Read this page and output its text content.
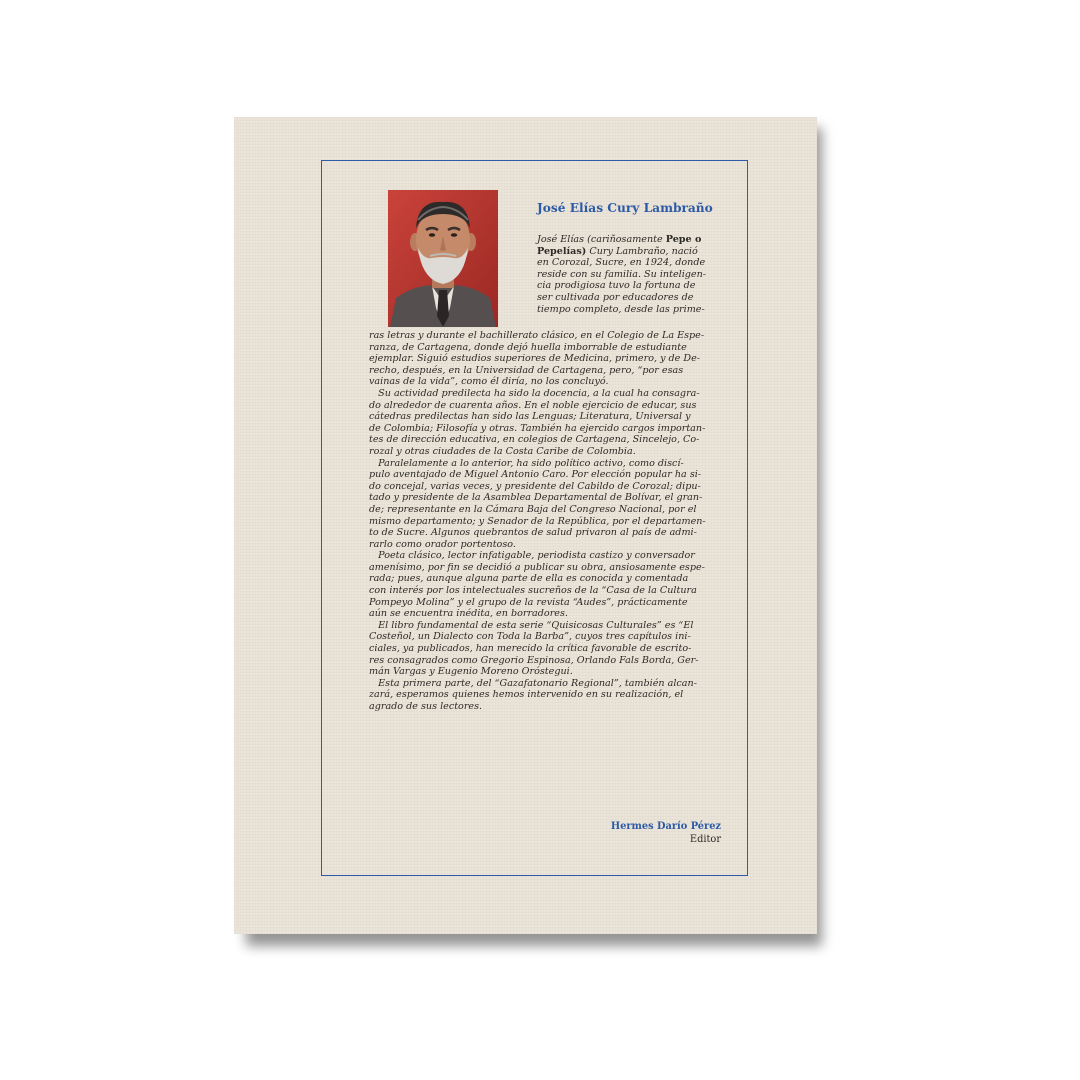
José Elías Cury Lambraño
José Elías (cariñosamente Pepe o
Pepelías) Cury Lambraño, nació
en Corozal, Sucre, en 1924, donde
reside con su familia. Su inteligen-
cia prodigiosa tuvo la fortuna de
ser cultivada por educadores de
tiempo completo, desde las prime-
ras letras y durante el bachillerato clásico, en el Colegio de La Espe-
ranza, de Cartagena, donde dejó huella imborrable de estudiante
ejemplar. Siguió estudios superiores de Medicina, primero, y de De-
recho, después, en la Universidad de Cartagena, pero, “por esas
vainas de la vida”, como él diría, no los concluyó.
Su actividad predilecta ha sido la docencia, a la cual ha consagra-
do alrededor de cuarenta años. En el noble ejercicio de educar, sus
cátedras predilectas han sido las Lenguas; Literatura, Universal y
de Colombia; Filosofía y otras. También ha ejercido cargos importan-
tes de dirección educativa, en colegios de Cartagena, Sincelejo, Co-
rozal y otras ciudades de la Costa Caribe de Colombia.
Paralelamente a lo anterior, ha sido político activo, como discí-
pulo aventajado de Miguel Antonio Caro. Por elección popular ha si-
do concejal, varias veces, y presidente del Cabildo de Corozal; dipu-
tado y presidente de la Asamblea Departamental de Bolívar, el gran-
de; representante en la Cámara Baja del Congreso Nacional, por el
mismo departamento; y Senador de la República, por el departamen-
to de Sucre. Algunos quebrantos de salud privaron al país de admi-
rarlo como orador portentoso.
Poeta clásico, lector infatigable, periodista castizo y conversador
amenísimo, por fin se decidió a publicar su obra, ansiosamente espe-
rada; pues, aunque alguna parte de ella es conocida y comentada
con interés por los intelectuales sucreños de la “Casa de la Cultura
Pompeyo Molina” y el grupo de la revista “Audes”, prácticamente
aún se encuentra inédita, en borradores.
El libro fundamental de esta serie “Quisicosas Culturales” es “El
Costeñol, un Dialecto con Toda la Barba”, cuyos tres capítulos ini-
ciales, ya publicados, han merecido la crítica favorable de escrito-
res consagrados como Gregorio Espinosa, Orlando Fals Borda, Ger-
mán Vargas y Eugenio Moreno Oróstegui.
Esta primera parte, del “Gazafatonario Regional”, también alcan-
zará, esperamos quienes hemos intervenido en su realización, el
agrado de sus lectores.
Hermes Darío Pérez
Editor
